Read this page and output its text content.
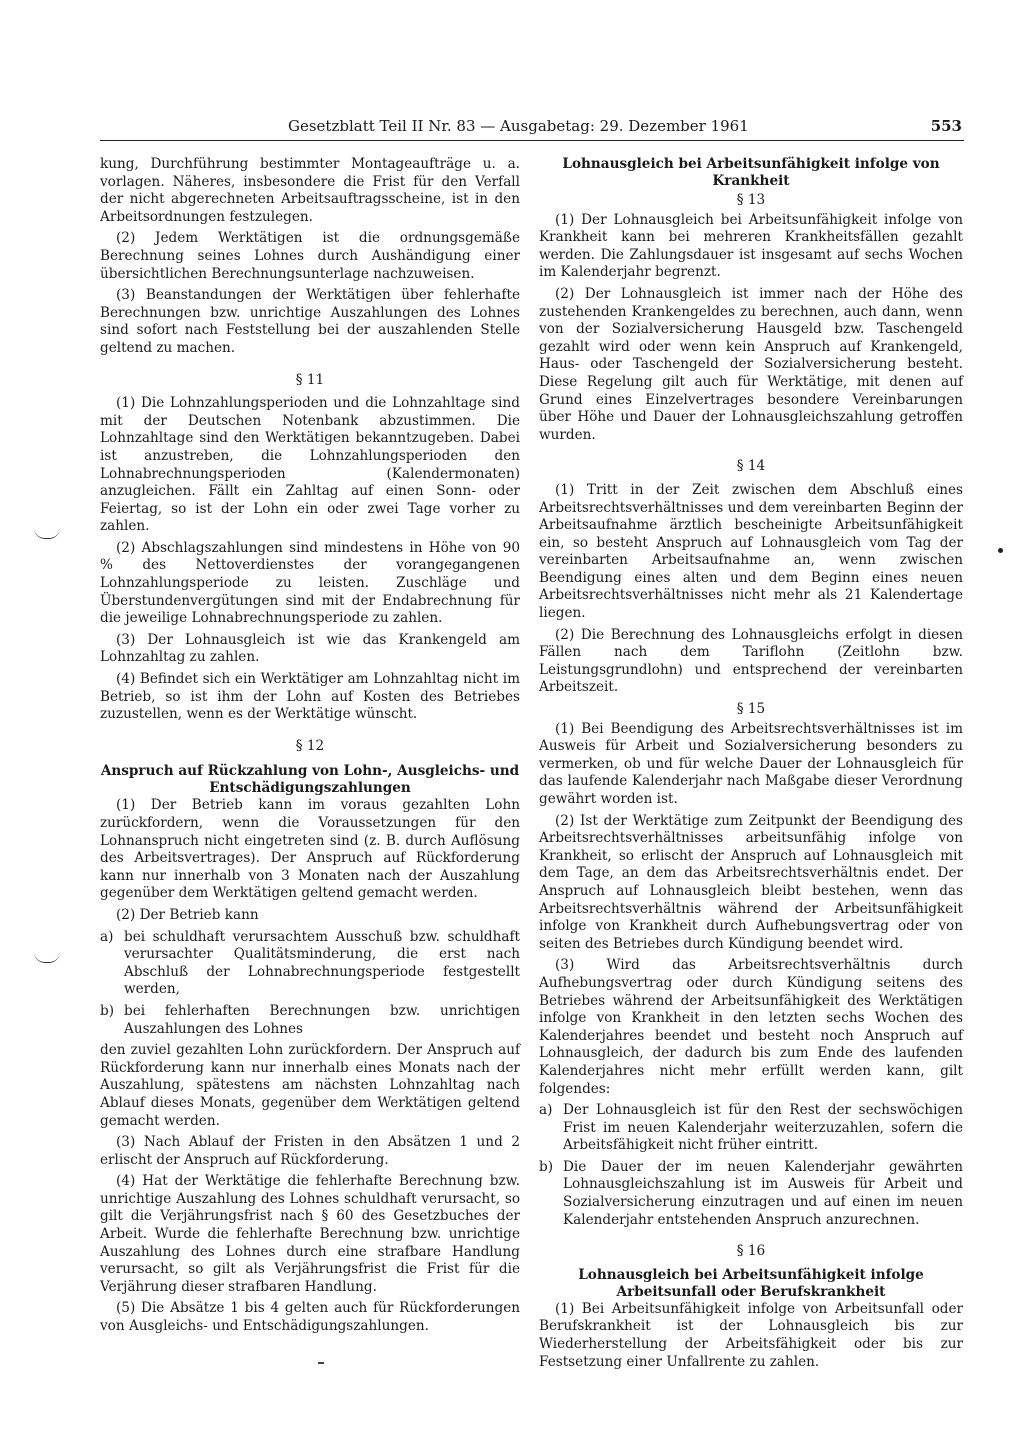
Gesetzblatt Teil II Nr. 83 — Ausgabetag: 29. Dezember 1961	553

kung, Durchführung bestimmter Montageaufträge u. a. vorlagen. Näheres, insbesondere die Frist für den Verfall der nicht abgerechneten Arbeitsauftragsscheine, ist in den Arbeitsordnungen festzulegen.

(2) Jedem Werktätigen ist die ordnungsgemäße Berechnung seines Lohnes durch Aushändigung einer übersichtlichen Berechnungsunterlage nachzuweisen.

(3) Beanstandungen der Werktätigen über fehlerhafte Berechnungen bzw. unrichtige Auszahlungen des Lohnes sind sofort nach Feststellung bei der auszahlenden Stelle geltend zu machen.

§ 11

(1) Die Lohnzahlungsperioden und die Lohnzahltage sind mit der Deutschen Notenbank abzustimmen. Die Lohnzahltage sind den Werktätigen bekanntzugeben. Dabei ist anzustreben, die Lohnzahlungsperioden den Lohnabrechnungsperioden (Kalendermonaten) anzugleichen. Fällt ein Zahltag auf einen Sonn- oder Feiertag, so ist der Lohn ein oder zwei Tage vorher zu zahlen.

(2) Abschlagszahlungen sind mindestens in Höhe von 90 % des Nettoverdienstes der vorangegangenen Lohnzahlungsperiode zu leisten. Zuschläge und Überstundenvergütungen sind mit der Endabrechnung für die jeweilige Lohnabrechnungsperiode zu zahlen.

(3) Der Lohnausgleich ist wie das Krankengeld am Lohnzahltag zu zahlen.

(4) Befindet sich ein Werktätiger am Lohnzahltag nicht im Betrieb, so ist ihm der Lohn auf Kosten des Betriebes zuzustellen, wenn es der Werktätige wünscht.

§ 12
Anspruch auf Rückzahlung von Lohn-, Ausgleichs- und Entschädigungszahlungen

(1) Der Betrieb kann im voraus gezahlten Lohn zurückfordern, wenn die Voraussetzungen für den Lohnanspruch nicht eingetreten sind (z. B. durch Auflösung des Arbeitsvertrages). Der Anspruch auf Rückforderung kann nur innerhalb von 3 Monaten nach der Auszahlung gegenüber dem Werktätigen geltend gemacht werden.

(2) Der Betrieb kann

a) bei schuldhaft verursachtem Ausschuß bzw. schuldhaft verursachter Qualitätsminderung, die erst nach Abschluß der Lohnabrechnungsperiode festgestellt werden,
b) bei fehlerhaften Berechnungen bzw. unrichtigen Auszahlungen des Lohnes

den zuviel gezahlten Lohn zurückfordern. Der Anspruch auf Rückforderung kann nur innerhalb eines Monats nach der Auszahlung, spätestens am nächsten Lohnzahltag nach Ablauf dieses Monats, gegenüber dem Werktätigen geltend gemacht werden.

(3) Nach Ablauf der Fristen in den Absätzen 1 und 2 erlischt der Anspruch auf Rückforderung.

(4) Hat der Werktätige die fehlerhafte Berechnung bzw. unrichtige Auszahlung des Lohnes schuldhaft verursacht, so gilt die Verjährungsfrist nach § 60 des Gesetzbuches der Arbeit. Wurde die fehlerhafte Berechnung bzw. unrichtige Auszahlung des Lohnes durch eine strafbare Handlung verursacht, so gilt als Verjährungsfrist die Frist für die Verjährung dieser strafbaren Handlung.

(5) Die Absätze 1 bis 4 gelten auch für Rückforderungen von Ausgleichs- und Entschädigungszahlungen.

Lohnausgleich bei Arbeitsunfähigkeit infolge von Krankheit
§ 13

(1) Der Lohnausgleich bei Arbeitsunfähigkeit infolge von Krankheit kann bei mehreren Krankheitsfällen gezahlt werden. Die Zahlungsdauer ist insgesamt auf sechs Wochen im Kalenderjahr begrenzt.

(2) Der Lohnausgleich ist immer nach der Höhe des zustehenden Krankengeldes zu berechnen, auch dann, wenn von der Sozialversicherung Hausgeld bzw. Taschengeld gezahlt wird oder wenn kein Anspruch auf Krankengeld, Haus- oder Taschengeld der Sozialversicherung besteht. Diese Regelung gilt auch für Werktätige, mit denen auf Grund eines Einzelvertrages besondere Vereinbarungen über Höhe und Dauer der Lohnausgleichszahlung getroffen wurden.

§ 14

(1) Tritt in der Zeit zwischen dem Abschluß eines Arbeitsrechtsverhältnisses und dem vereinbarten Beginn der Arbeitsaufnahme ärztlich bescheinigte Arbeitsunfähigkeit ein, so besteht Anspruch auf Lohnausgleich vom Tag der vereinbarten Arbeitsaufnahme an, wenn zwischen Beendigung eines alten und dem Beginn eines neuen Arbeitsrechtsverhältnisses nicht mehr als 21 Kalendertage liegen.

(2) Die Berechnung des Lohnausgleichs erfolgt in diesen Fällen nach dem Tariflohn (Zeitlohn bzw. Leistungsgrundlohn) und entsprechend der vereinbarten Arbeitszeit.

§ 15

(1) Bei Beendigung des Arbeitsrechtsverhältnisses ist im Ausweis für Arbeit und Sozialversicherung besonders zu vermerken, ob und für welche Dauer der Lohnausgleich für das laufende Kalenderjahr nach Maßgabe dieser Verordnung gewährt worden ist.

(2) Ist der Werktätige zum Zeitpunkt der Beendigung des Arbeitsrechtsverhältnisses arbeitsunfähig infolge von Krankheit, so erlischt der Anspruch auf Lohnausgleich mit dem Tage, an dem das Arbeitsrechtsverhältnis endet. Der Anspruch auf Lohnausgleich bleibt bestehen, wenn das Arbeitsrechtsverhältnis während der Arbeitsunfähigkeit infolge von Krankheit durch Aufhebungsvertrag oder von seiten des Betriebes durch Kündigung beendet wird.

(3) Wird das Arbeitsrechtsverhältnis durch Aufhebungsvertrag oder durch Kündigung seitens des Betriebes während der Arbeitsunfähigkeit des Werktätigen infolge von Krankheit in den letzten sechs Wochen des Kalenderjahres beendet und besteht noch Anspruch auf Lohnausgleich, der dadurch bis zum Ende des laufenden Kalenderjahres nicht mehr erfüllt werden kann, gilt folgendes:

a) Der Lohnausgleich ist für den Rest der sechswöchigen Frist im neuen Kalenderjahr weiterzuzahlen, sofern die Arbeitsfähigkeit nicht früher eintritt.
b) Die Dauer der im neuen Kalenderjahr gewährten Lohnausgleichszahlung ist im Ausweis für Arbeit und Sozialversicherung einzutragen und auf einen im neuen Kalenderjahr entstehenden Anspruch anzurechnen.
§ 16
Lohnausgleich bei Arbeitsunfähigkeit infolge Arbeitsunfall oder Berufskrankheit

(1) Bei Arbeitsunfähigkeit infolge von Arbeitsunfall oder Berufskrankheit ist der Lohnausgleich bis zur Wiederherstellung der Arbeitsfähigkeit oder bis zur Festsetzung einer Unfallrente zu zahlen.
